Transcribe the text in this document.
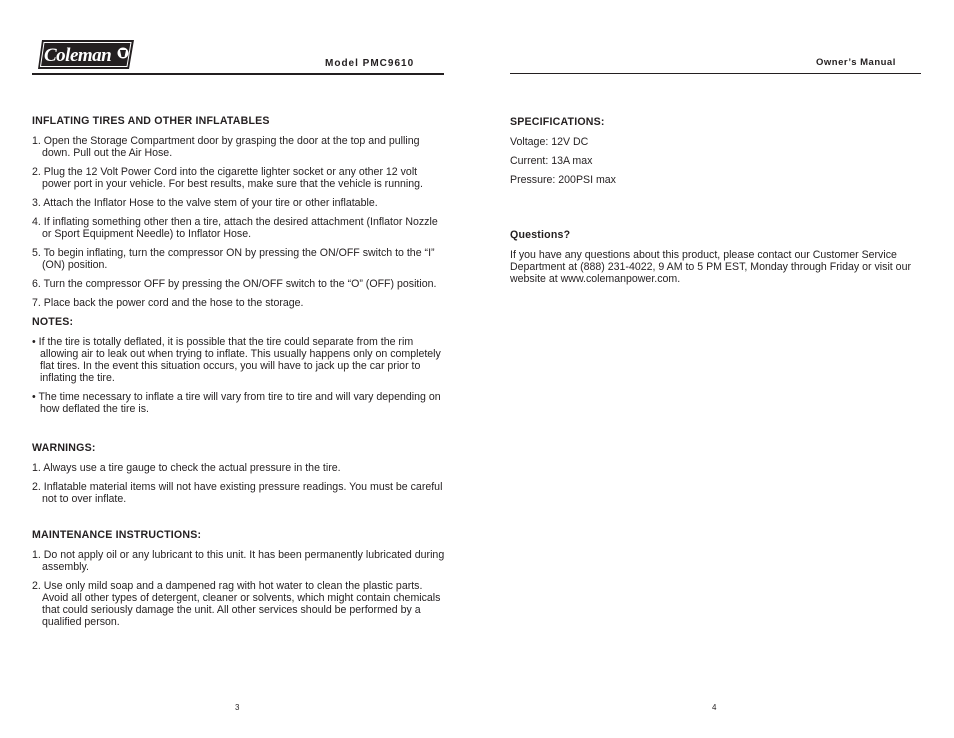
Coleman	Model PMC9610
INFLATING TIRES AND OTHER INFLATABLES

1. Open the Storage Compartment door by grasping the door at the top and pulling down. Pull out the Air Hose.

2. Plug the 12 Volt Power Cord into the cigarette lighter socket or any other 12 volt power port in your vehicle. For best results, make sure that the vehicle is running.

3. Attach the Inflator Hose to the valve stem of your tire or other inflatable.

4. If inflating something other then a tire, attach the desired attachment (Inflator Nozzle or Sport Equipment Needle) to Inflator Hose.

5. To begin inflating, turn the compressor ON by pressing the ON/OFF switch to the “I” (ON) position.

6. Turn the compressor OFF by pressing the ON/OFF switch to the “O” (OFF) position.

7. Place back the power cord and the hose to the storage.

NOTES:

• If the tire is totally deflated, it is possible that the tire could separate from the rim allowing air to leak out when trying to inflate. This usually happens only on completely flat tires. In the event this situation occurs, you will have to jack up the car prior to inflating the tire.

• The time necessary to inflate a tire will vary from tire to tire and will vary depending on how deflated the tire is.

WARNINGS:

1. Always use a tire gauge to check the actual pressure in the tire.

2. Inflatable material items will not have existing pressure readings. You must be careful not to over inflate.

MAINTENANCE INSTRUCTIONS:

1. Do not apply oil or any lubricant to this unit. It has been permanently lubricated during assembly.

2. Use only mild soap and a dampened rag with hot water to clean the plastic parts. Avoid all other types of detergent, cleaner or solvents, which might contain chemicals that could seriously damage the unit. All other services should be performed by a qualified person.

3
Owner’s Manual
SPECIFICATIONS:

Voltage: 12V DC

Current: 13A max

Pressure: 200PSI max

Questions?

If you have any questions about this product, please contact our Customer Service Department at (888) 231-4022, 9 AM to 5 PM EST, Monday through Friday or visit our website at www.colemanpower.com.

4
